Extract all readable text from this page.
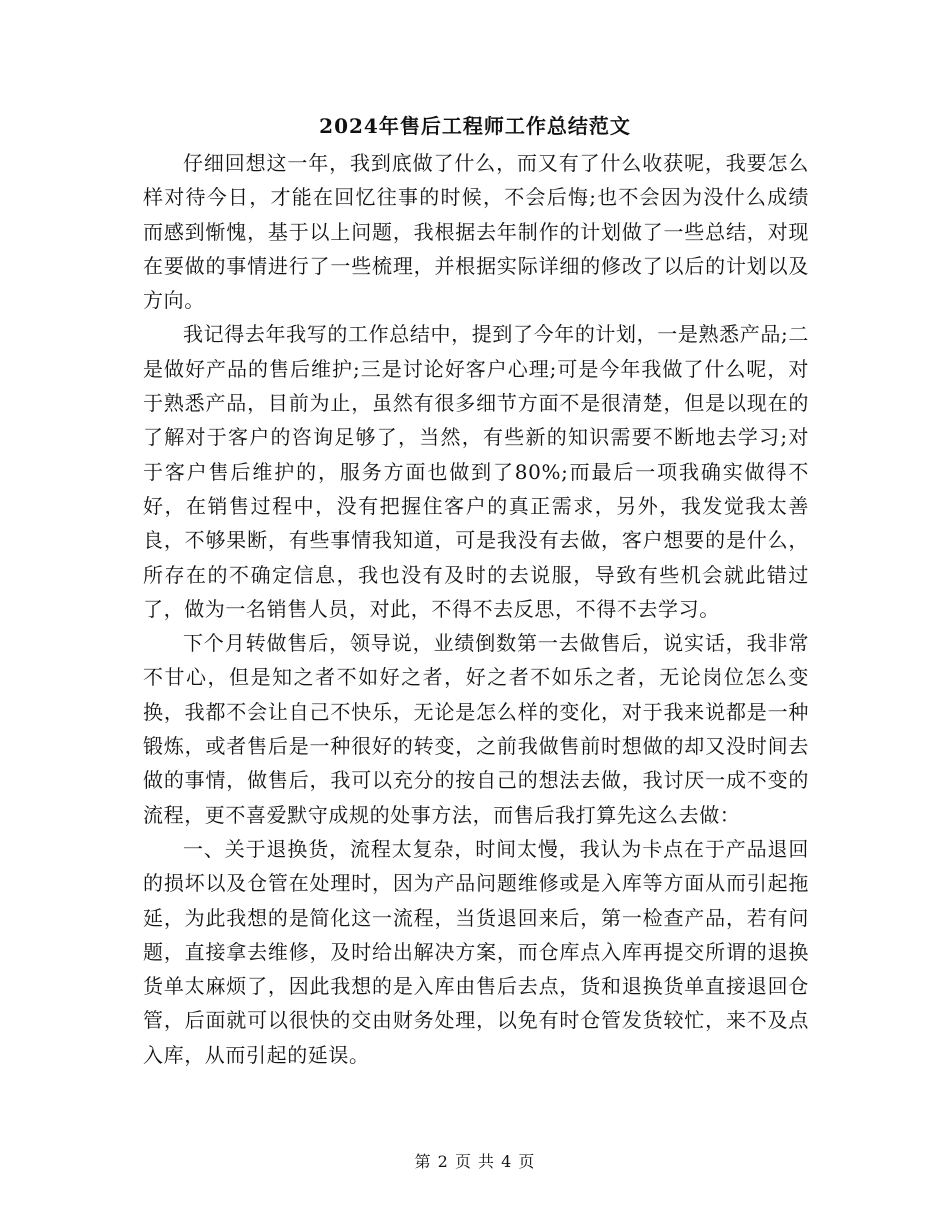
2024年售后工程师工作总结范文

仔细回想这一年，我到底做了什么，而又有了什么收获呢，我要怎么样对待今日，才能在回忆往事的时候，不会后悔;也不会因为没什么成绩而感到惭愧，基于以上问题，我根据去年制作的计划做了一些总结，对现在要做的事情进行了一些梳理，并根据实际详细的修改了以后的计划以及方向。

我记得去年我写的工作总结中，提到了今年的计划，一是熟悉产品;二是做好产品的售后维护;三是讨论好客户心理;可是今年我做了什么呢，对于熟悉产品，目前为止，虽然有很多细节方面不是很清楚，但是以现在的了解对于客户的咨询足够了，当然，有些新的知识需要不断地去学习;对于客户售后维护的，服务方面也做到了80%;而最后一项我确实做得不好，在销售过程中，没有把握住客户的真正需求，另外，我发觉我太善良，不够果断，有些事情我知道，可是我没有去做，客户想要的是什么，所存在的不确定信息，我也没有及时的去说服，导致有些机会就此错过了，做为一名销售人员，对此，不得不去反思，不得不去学习。

下个月转做售后，领导说，业绩倒数第一去做售后，说实话，我非常不甘心，但是知之者不如好之者，好之者不如乐之者，无论岗位怎么变换，我都不会让自己不快乐，无论是怎么样的变化，对于我来说都是一种锻炼，或者售后是一种很好的转变，之前我做售前时想做的却又没时间去做的事情，做售后，我可以充分的按自己的想法去做，我讨厌一成不变的流程，更不喜爱默守成规的处事方法，而售后我打算先这么去做：

一、关于退换货，流程太复杂，时间太慢，我认为卡点在于产品退回的损坏以及仓管在处理时，因为产品问题维修或是入库等方面从而引起拖延，为此我想的是简化这一流程，当货退回来后，第一检查产品，若有问题，直接拿去维修，及时给出解决方案，而仓库点入库再提交所谓的退换货单太麻烦了，因此我想的是入库由售后去点，货和退换货单直接退回仓管，后面就可以很快的交由财务处理，以免有时仓管发货较忙，来不及点入库，从而引起的延误。

第 2 页 共 4 页
